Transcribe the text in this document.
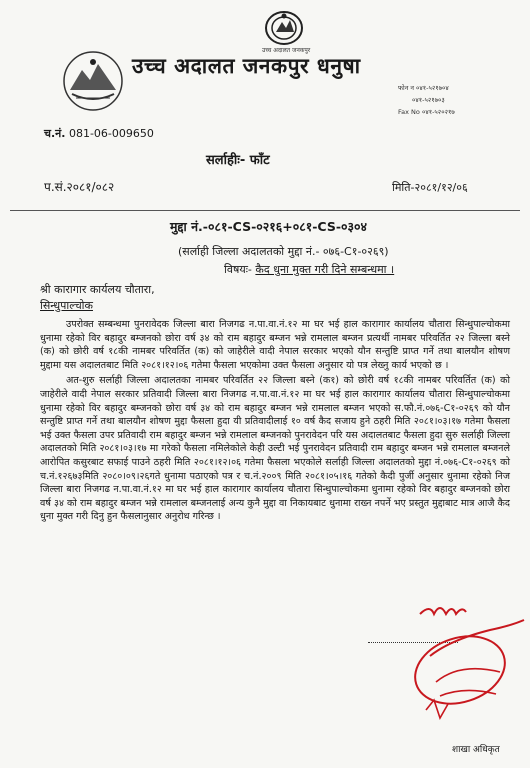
उच्च अदालत जनकपुर
उच्च अदालत जनकपुर धनुषा
फोन न ०४१-५२१७०४
०४१-५२१७०३
Fax No ०४१-५२०२१७
च.नं. 081-06-009650
सर्लाहीः- फाँट
प.सं.२०८१/०८२	मिति-२०८१/१२/०६
मुद्दा नं.-०८१-CS-०२१६+०८१-CS-०३०४
(सर्लाही जिल्ला अदालतको मुद्दा नं.- ०७६-C१-०२६९)
विषयः- कैद धुना मुक्त गरी दिने सम्बन्धमा ।
श्री कारागार कार्यलय चौतारा,
सिन्धुपाल्चोक

उपरोक्त सम्बन्धमा पुनरावेदक जिल्ला बारा निजगढ न.पा.वा.नं.१२ मा घर भई हाल कारागार कार्यालय चौतारा सिन्धुपाल्चोकमा धुनामा रहेको विर बहादुर बम्जनको छोरा वर्ष ३४ को राम बहादुर बम्जन भन्ने रामलाल बम्जन प्रत्यर्थी नामबर परिवर्तित २२ जिल्ला बस्ने (क) को छोरी वर्ष १८की नामबर परिवर्तित (क) को जाहेरीले वादी नेपाल सरकार भएको यौन सन्तुष्टि प्राप्त गर्ने तथा बालयौन शोषण मुद्दामा यस अदालतबाट मिति २०८१।१२।०६ गतेमा फैसला भएकोमा उक्त फैसला अनुसार यो पत्र लेख्नु कार्य भएको छ ।

अत-शुरु सर्लाही जिल्ला अदालतका नामबर परिवर्तित २२ जिल्ला बस्ने (क१) को छोरी वर्ष १८की नामबर परिवर्तित (क) को जाहेरीले वादी नेपाल सरकार प्रतिवादी जिल्ला बारा निजगढ न.पा.वा.नं.१२ मा घर भई हाल कारागार कार्यालय चौतारा सिन्धुपाल्चोकमा धुनामा रहेको विर बहादुर बम्जनको छोरा वर्ष ३४ को राम बहादुर बम्जन भन्ने रामलाल बम्जन भएको स.फौ.नं.०७६-C१-०२६९ को यौन सन्तुष्टि प्राप्त गर्ने तथा बालयौन शोषण मुद्दा फैसला हुदा यी प्रतिवादीलाई १० वर्ष कैद सजाय हुने ठहरी मिति २०८१।०३।१७ गतेमा फैसला भई उक्त फैसला उपर प्रतिवादी राम बहादुर बम्जन भन्ने रामलाल बम्जनको पुनरावेदन परि यस अदालतबाट फैसला हुदा सुरु सर्लाही जिल्ला अदालतको मिति २०८१।०३।१७ मा गरेको फैसला नमिलेकोले केही उल्टी भई पुनरावेदन प्रतिवादी राम बहादुर बम्जन भन्ने रामलाल बम्जनले आरोपित कसुरबाट सफाई पाउने ठहरी मिति २०८१।१२।०६ गतेमा फैसला भएकोले सर्लाही जिल्ला अदालतको मुद्दा नं.०७६-C१-०२६९ को च.नं.१२६७३मिति २०८०।०९।२६गते धुनामा पठाएको पत्र र च.नं.२००९ मिति २०८१।०५।१६ गतेको कैदी पुर्जी अनुसार धुनामा रहेको निज जिल्ला बारा निजगढ न.पा.वा.नं.१२ मा घर भई हाल कारागार कार्यालय चौतारा सिन्धुपाल्चोकमा धुनामा रहेको विर बहादुर बम्जनको छोरा वर्ष ३४ को राम बहादुर बम्जन भन्ने रामलाल बम्जनलाई अन्य कुनै मुद्दा वा निकायबाट धुनामा राख्न नपर्ने भए प्रस्तुत मुद्दाबाट मात्र आजै कैद धुना मुक्त गरी दिनु हुन फैसलानुसार अनुरोध गरिन्छ ।

शाखा अधिकृत
